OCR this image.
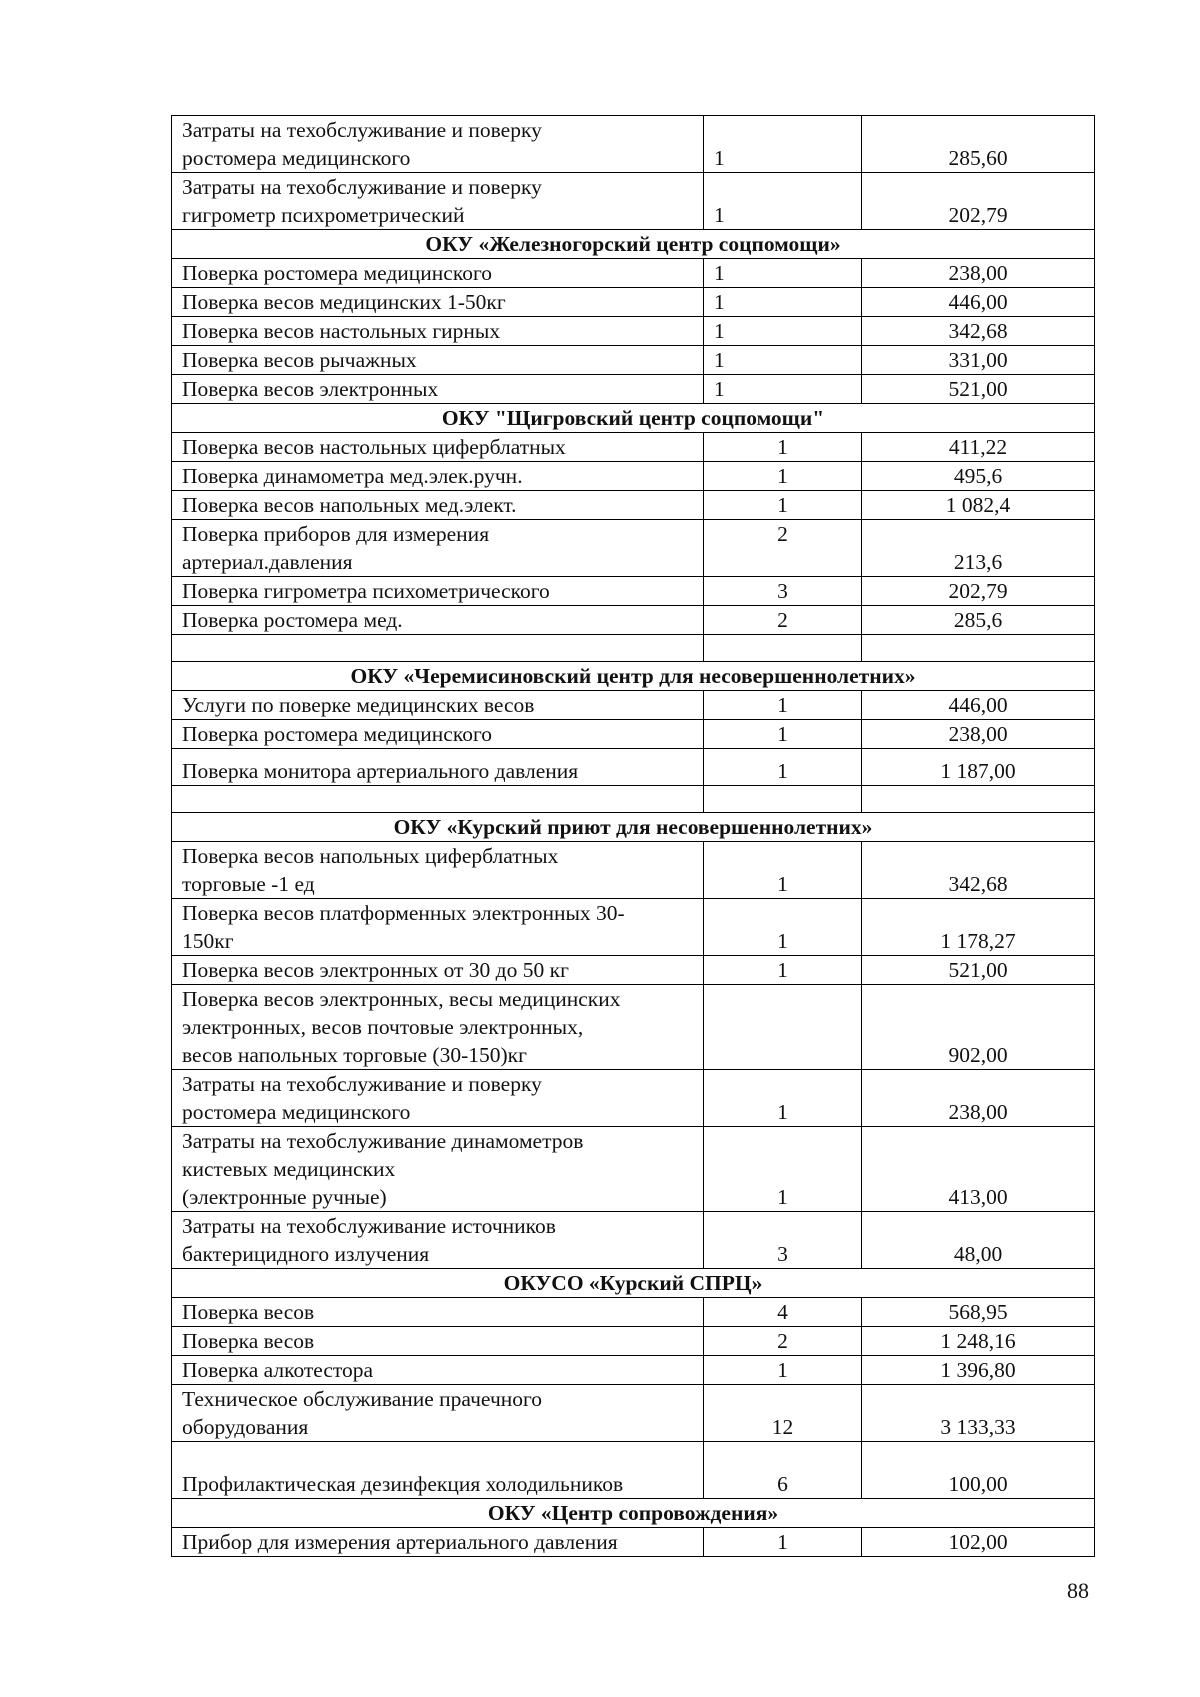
Затраты на техобслуживание и поверку
ростомера медицинского	1	285,60

Затраты на техобслуживание и поверку
гигрометр психрометрический	1	202,79
ОКУ «Железногорский центр соцпомощи»		

Поверка ростомера медицинского	1	238,00

Поверка весов медицинских 1-50кг	1	446,00

Поверка весов настольных гирных	1	342,68

Поверка весов рычажных	1	331,00

Поверка весов электронных	1	521,00
ОКУ "Щигровский центр соцпомощи"		

Поверка весов настольных циферблатных	1	411,22

Поверка динамометра мед.элек.ручн.	1	495,6

Поверка весов напольных мед.элект.	1	1 082,4

Поверка приборов для измерения
артериал.давления	2	213,6

Поверка гигрометра психометрического	3	202,79

Поверка ростомера мед.	2	285,6

ОКУ «Черемисиновский центр для несовершеннолетних»		

Услуги по поверке медицинских весов	1	446,00

Поверка ростомера медицинского	1	238,00

Поверка монитора артериального давления	1	1 187,00

ОКУ «Курский приют для несовершеннолетних»		

Поверка весов напольных циферблатных
торговые -1 ед	1	342,68

Поверка весов платформенных электронных 30-
150кг	1	1 178,27

Поверка весов электронных от 30 до 50 кг	1	521,00

Поверка весов электронных, весы медицинских
электронных, весов почтовые электронных,
весов напольных торговые (30-150)кг		902,00

Затраты на техобслуживание и поверку
ростомера медицинского	1	238,00

Затраты на техобслуживание динамометров
кистевых медицинских
(электронные ручные)	1	413,00

Затраты на техобслуживание источников
бактерицидного излучения	3	48,00
ОКУСО «Курский СПРЦ»		

Поверка весов	4	568,95

Поверка весов	2	1 248,16

Поверка алкотестора	1	1 396,80

Техническое обслуживание прачечного
оборудования	12	3 133,33

Профилактическая дезинфекция холодильников	6	100,00
ОКУ «Центр сопровождения»		

Прибор для измерения артериального давления	1	102,00
88
